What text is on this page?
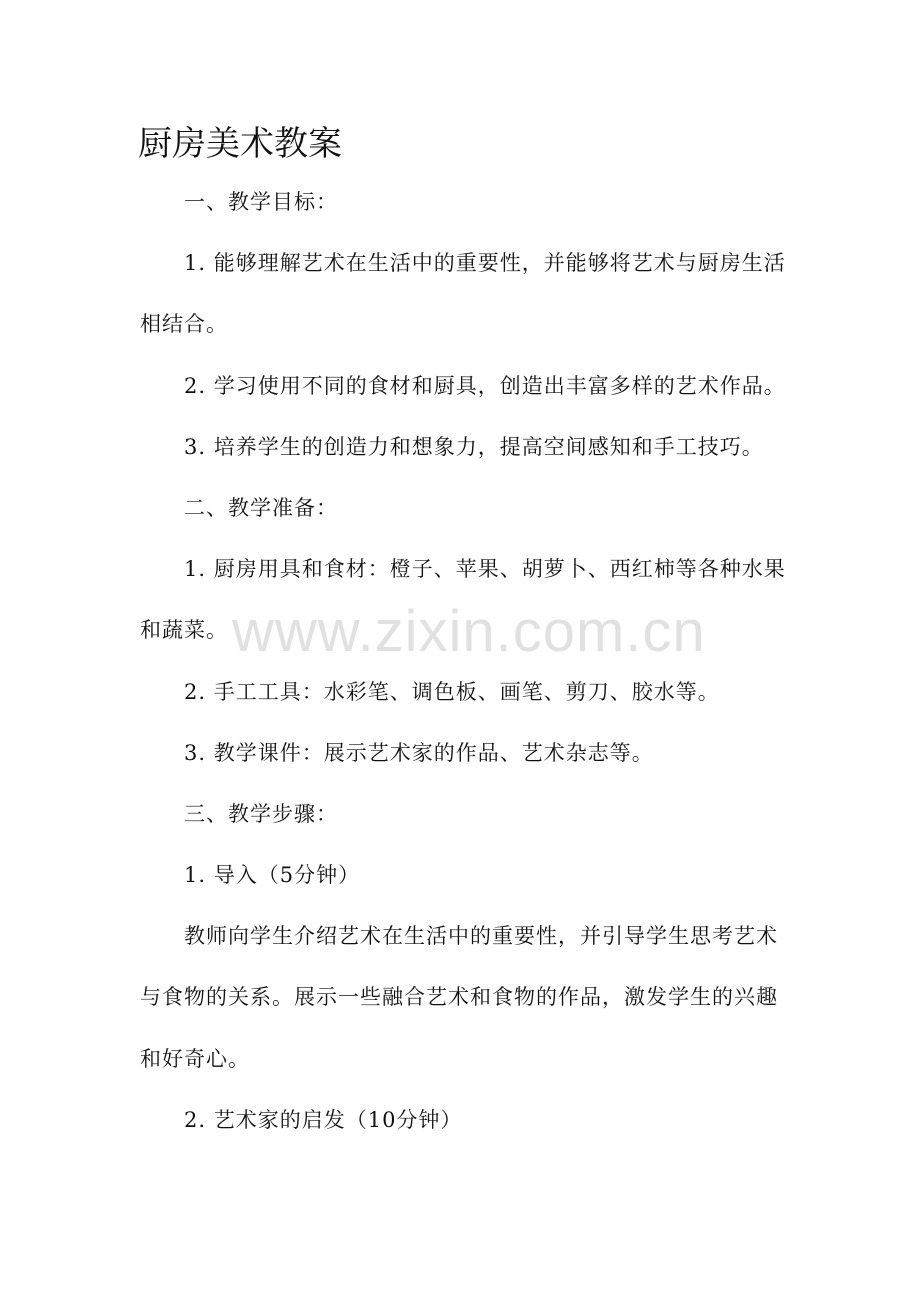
厨房美术教案
一、教学目标：
1. 能够理解艺术在生活中的重要性，并能够将艺术与厨房生活
相结合。
2. 学习使用不同的食材和厨具，创造出丰富多样的艺术作品。
3. 培养学生的创造力和想象力，提高空间感知和手工技巧。
二、教学准备：
1. 厨房用具和食材：橙子、苹果、胡萝卜、西红柿等各种水果
和蔬菜。
2. 手工工具：水彩笔、调色板、画笔、剪刀、胶水等。
3. 教学课件：展示艺术家的作品、艺术杂志等。
三、教学步骤：
1. 导入（5分钟）
教师向学生介绍艺术在生活中的重要性，并引导学生思考艺术
与食物的关系。展示一些融合艺术和食物的作品，激发学生的兴趣
和好奇心。
2. 艺术家的启发（10分钟）
www.zixin.com.cn
